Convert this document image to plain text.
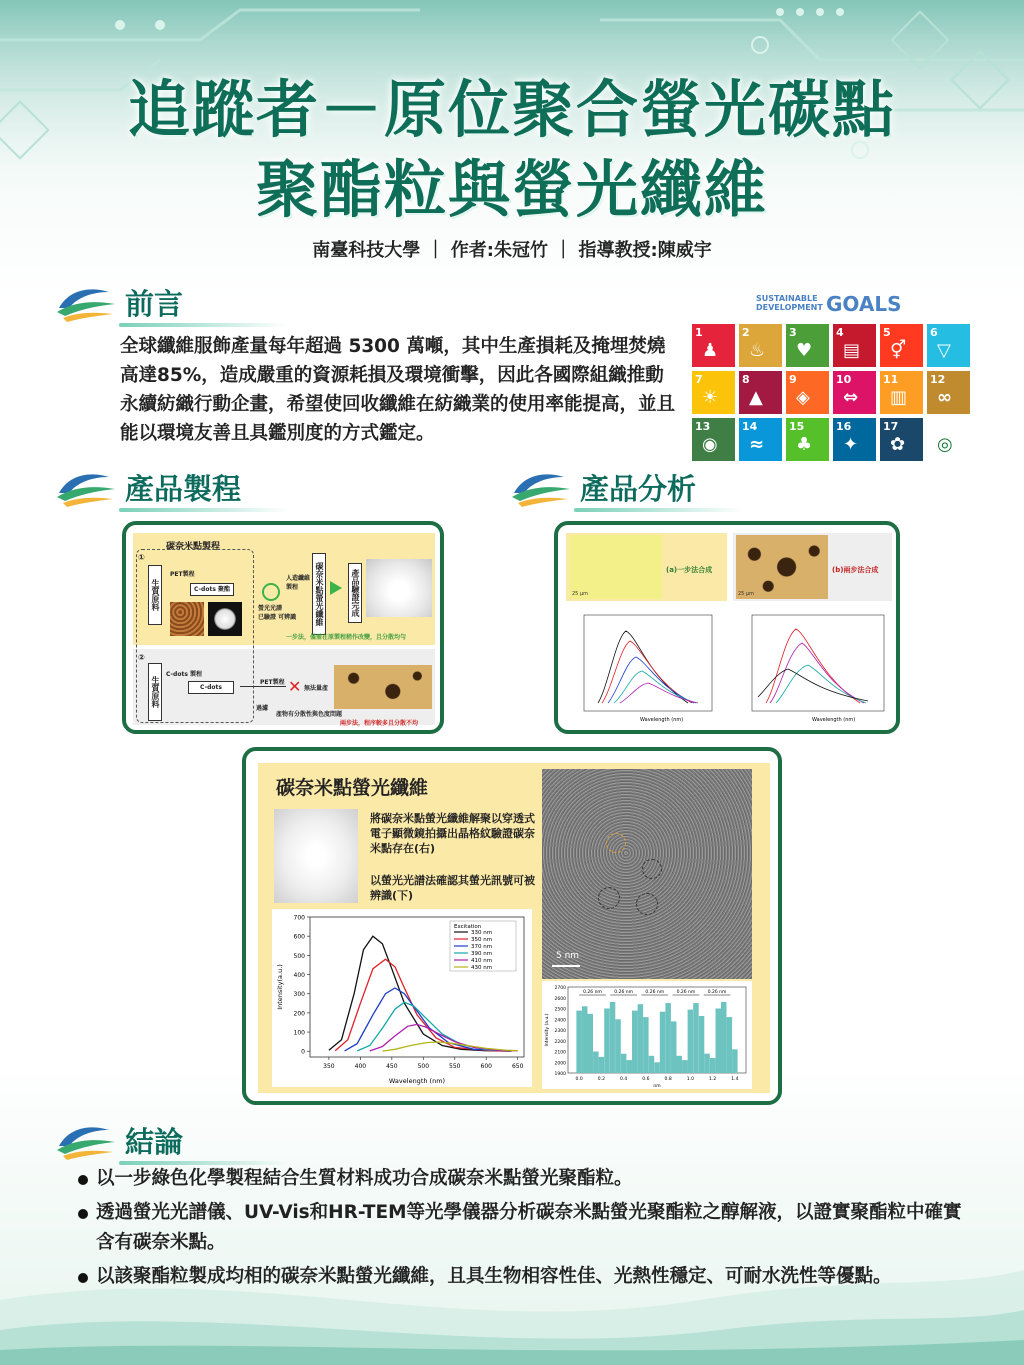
追蹤者－原位聚合螢光碳點
聚酯粒與螢光纖維
南臺科技大學 ｜ 作者:朱冠竹 ｜ 指導教授:陳威宇
前言
全球纖維服飾產量每年超過 5300 萬噸，其中生產損耗及掩埋焚燒高達85%，造成嚴重的資源耗損及環境衝擊，因此各國際組織推動永續紡織行動企畫，希望使回收纖維在紡織業的使用率能提高，並且能以環境友善且具鑑別度的方式鑑定。
SUSTAINABLE
DEVELOPMENT GOALS
1
♟
2
♨
3
♥
4
▤
5
⚥
6
▽
7
☀
8
▲
9
◈
10
⇔
11
▥
12
∞
13
◉
14
≈
15
♣
16
✦
17
✿ ◎
產品製程	產品分析
碳奈米點製程
①
生質原料
PET製程
C-dots 聚酯
人造纖維製程
螢光光譜
已驗證 可辨識	碳奈米點螢光纖維	產品驗證完成
一步法，僅需在原製程稍作改變，且分散均勻
②
生質原料
C-dots 製程
C-dots
PET製程 ✕ 無法量產
過濾
產物有分散性與色度問題
兩步法，程序較多且分散不均
25 μm
(a)一步法合成
25 μm
(b)兩步法合成
Wavelength (nm)	Wavelength (nm)
碳奈米點螢光纖維
將碳奈米點螢光纖維解聚以穿透式電子顯微鏡拍攝出晶格紋驗證碳奈米點存在(右)
以螢光光譜法確認其螢光訊號可被辨識(下)
5 nm
0
100
200
300
400
500
600
700
350	400	450	500	550	600	650
Wavelength (nm)
Intensity(a.u.)
Excitation
330 nm
350 nm
370 nm
390 nm
410 nm
430 nm
1900
2000
2100
2200
2300
2400
2500
2600
2700
0.0	0.2	0.4	0.6	0.8	1.0	1.2	1.4
nm
Intensity (a.u.)
0.26 nm	0.26 nm	0.26 nm	0.26 nm	0.26 nm
結論
以一步綠色化學製程結合生質材料成功合成碳奈米點螢光聚酯粒。
透過螢光光譜儀、UV-Vis和HR-TEM等光學儀器分析碳奈米點螢光聚酯粒之醇解液，以證實聚酯粒中確實含有碳奈米點。
以該聚酯粒製成均相的碳奈米點螢光纖維，且具生物相容性佳、光熱性穩定、可耐水洗性等優點。
